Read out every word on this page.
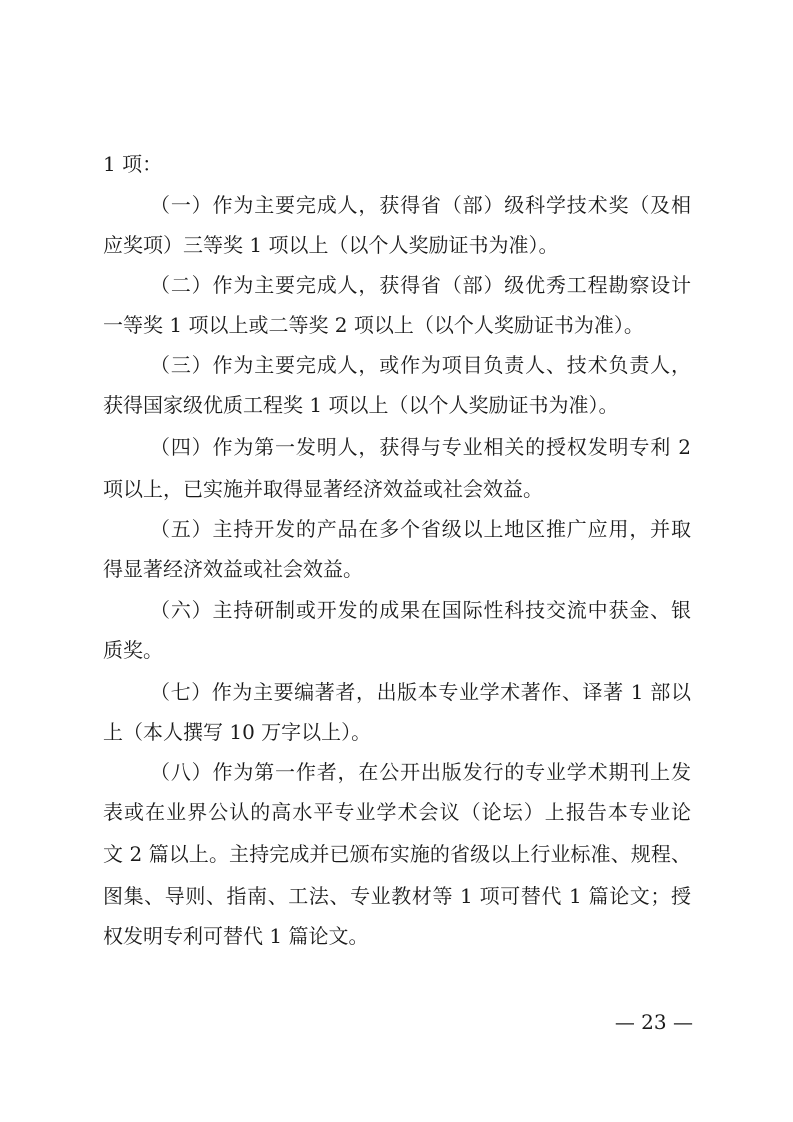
1 项：
（一）作为主要完成人，获得省（部）级科学技术奖（及相
应奖项）三等奖 1 项以上（以个人奖励证书为准）。
（二）作为主要完成人，获得省（部）级优秀工程勘察设计
一等奖 1 项以上或二等奖 2 项以上（以个人奖励证书为准）。
（三）作为主要完成人，或作为项目负责人、技术负责人，
获得国家级优质工程奖 1 项以上（以个人奖励证书为准）。
（四）作为第一发明人，获得与专业相关的授权发明专利 2
项以上，已实施并取得显著经济效益或社会效益。
（五）主持开发的产品在多个省级以上地区推广应用，并取
得显著经济效益或社会效益。
（六）主持研制或开发的成果在国际性科技交流中获金、银
质奖。
（七）作为主要编著者，出版本专业学术著作、译著 1 部以
上（本人撰写 10 万字以上）。
（八）作为第一作者，在公开出版发行的专业学术期刊上发
表或在业界公认的高水平专业学术会议（论坛）上报告本专业论
文 2 篇以上。主持完成并已颁布实施的省级以上行业标准、规程、
图集、导则、指南、工法、专业教材等 1 项可替代 1 篇论文；授
权发明专利可替代 1 篇论文。
— 23 —
